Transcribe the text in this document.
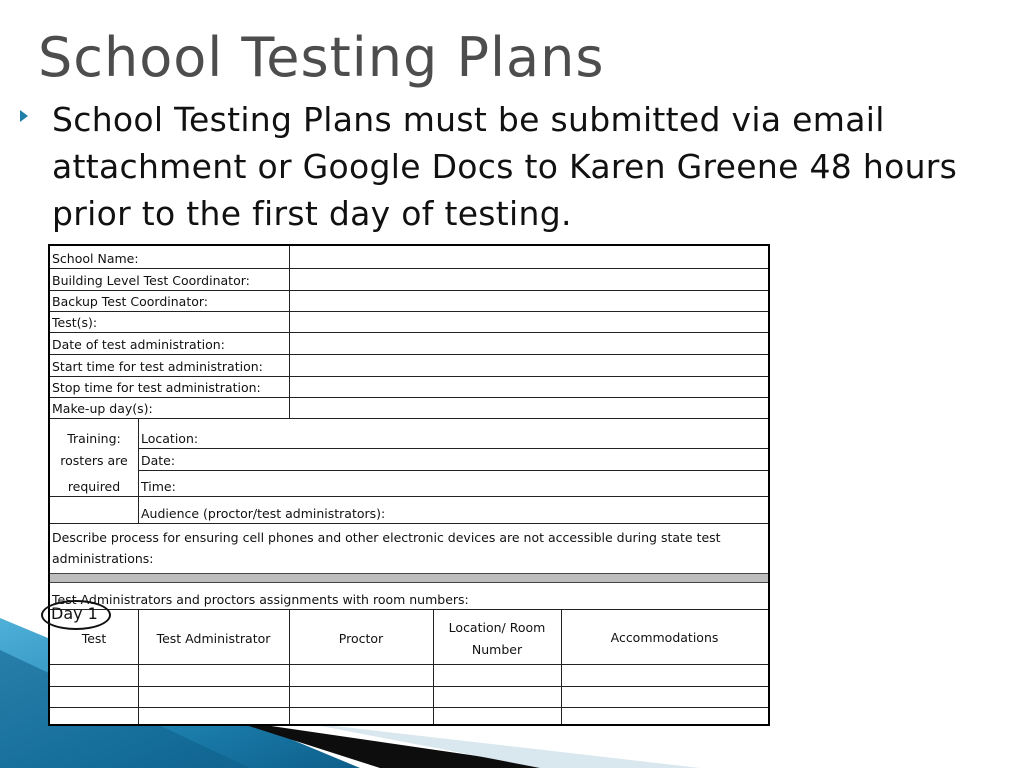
School Testing Plans
School Testing Plans must be submitted via email attachment or Google Docs to Karen Greene 48 hours prior to the first day of testing.
School Name:
Building Level Test Coordinator:
Backup Test Coordinator:
Test(s):
Date of test administration:
Start time for test administration:
Stop time for test administration:
Make-up day(s):
Training:
rosters are
required
Location:
Date:
Time:
Audience (proctor/test administrators):
Describe process for ensuring cell phones and other electronic devices are not accessible during state test
administrations:
Test Administrators and proctors assignments with room numbers:
Test	Test Administrator	Proctor
Location/ Room
Number
Accommodations
Day 1
